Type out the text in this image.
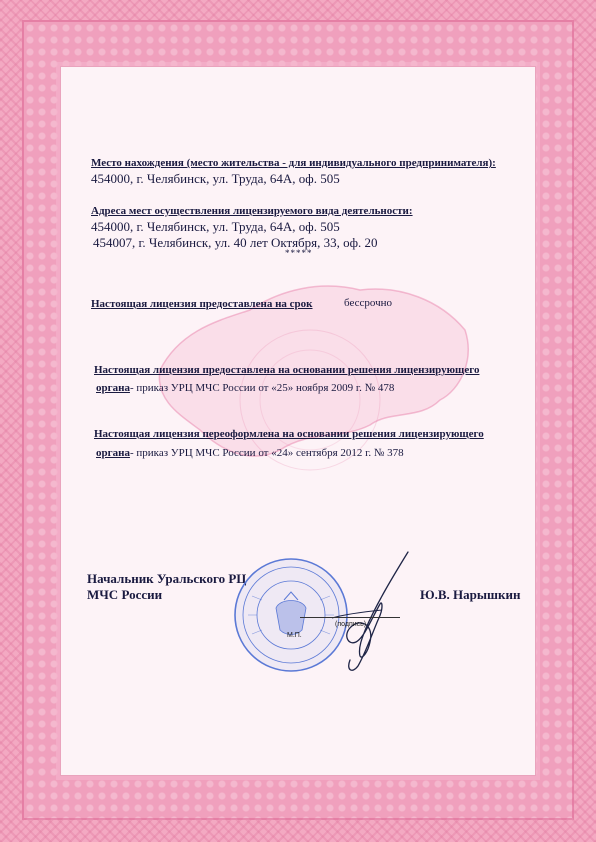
Место нахождения (место жительства - для индивидуального предпринимателя):
454000, г. Челябинск, ул. Труда, 64А, оф. 505
Адреса мест осуществления лицензируемого вида деятельности:
454000, г. Челябинск, ул. Труда, 64А, оф. 505
454007, г. Челябинск, ул. 40 лет Октября, 33, оф. 20
*****
Настоящая лицензия предоставлена на срок	бессрочно
Настоящая лицензия предоставлена на основании решения лицензирующего
органа- приказ УРЦ МЧС России от «25» ноября 2009 г. № 478
Настоящая лицензия переоформлена на основании решения лицензирующего
органа- приказ УРЦ МЧС России от «24» сентября 2012 г. № 378
Начальник Уральского РЦ
МЧС России	Ю.В. Нарышкин
(подпись)
М.П.
